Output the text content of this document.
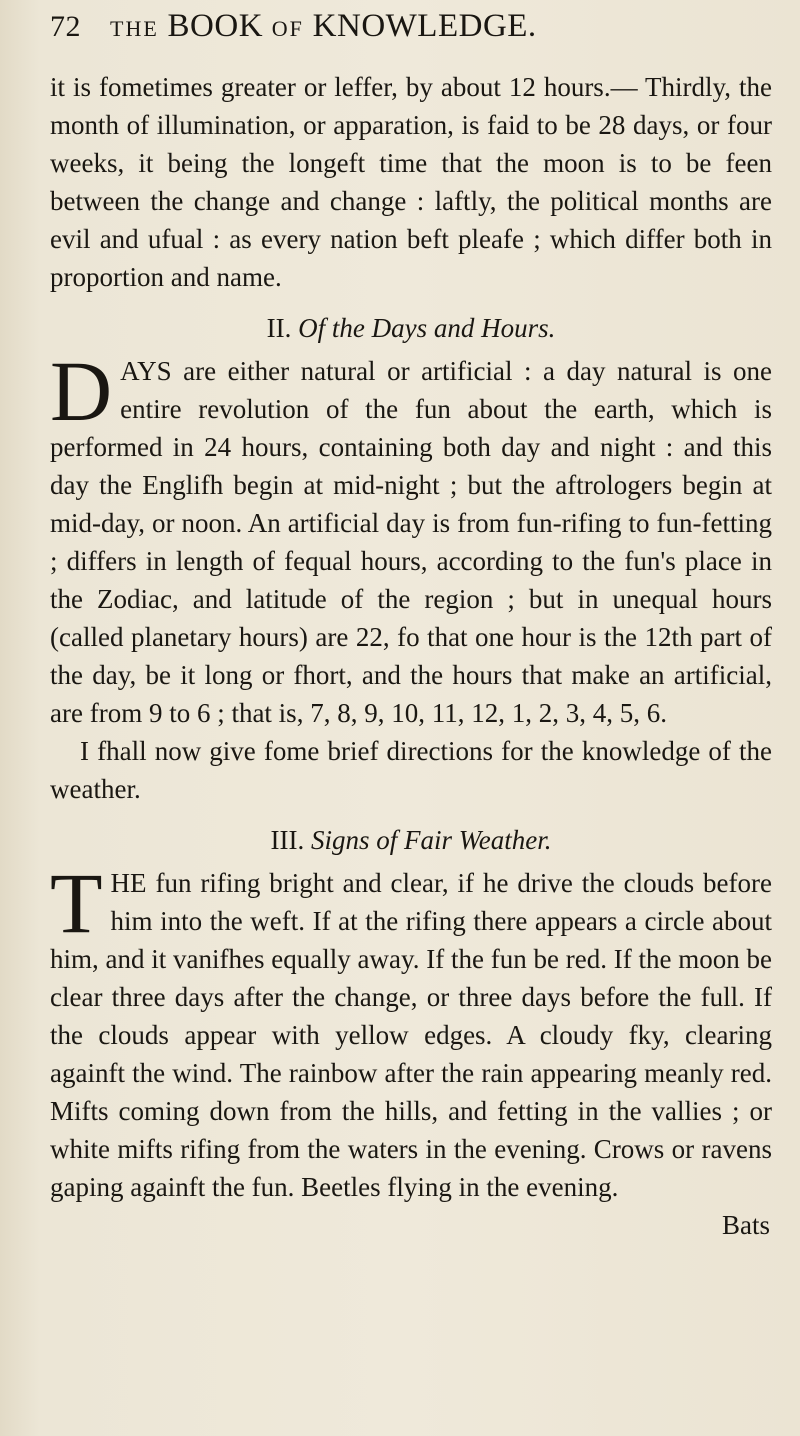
72	THE BOOK OF KNOWLEDGE.

it is fometimes greater or leffer, by about 12 hours.— Thirdly, the month of illumination, or apparation, is faid to be 28 days, or four weeks, it being the longeft time that the moon is to be feen between the change and change : laftly, the political months are evil and ufual : as every nation beft pleafe ; which differ both in proportion and name.

II. Of the Days and Hours.

D AYS are either natural or artificial : a day natural is one entire revolution of the fun about the earth, which is performed in 24 hours, containing both day and night : and this day the Englifh begin at mid-night ; but the aftrologers begin at mid-day, or noon. An artificial day is from fun-rifing to fun-fetting ; differs in length of fequal hours, according to the fun's place in the Zodiac, and latitude of the region ; but in unequal hours (called planetary hours) are 22, fo that one hour is the 12th part of the day, be it long or fhort, and the hours that make an artificial, are from 9 to 6 ; that is, 7, 8, 9, 10, 11, 12, 1, 2, 3, 4, 5, 6.

I fhall now give fome brief directions for the knowledge of the weather.

III. Signs of Fair Weather.

T HE fun rifing bright and clear, if he drive the clouds before him into the weft. If at the rifing there appears a circle about him, and it vanifhes equally away. If the fun be red. If the moon be clear three days after the change, or three days before the full. If the clouds appear with yellow edges. A cloudy fky, clearing againft the wind. The rainbow after the rain appearing meanly red. Mifts coming down from the hills, and fetting in the vallies ; or white mifts rifing from the waters in the evening. Crows or ravens gaping againft the fun. Beetles flying in the evening.

Bats
